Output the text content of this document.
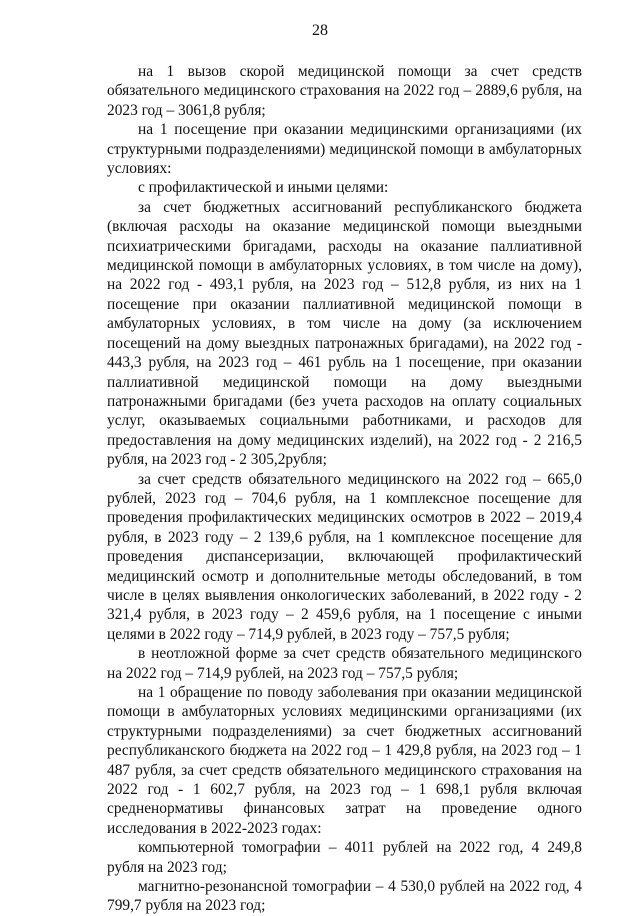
28

на 1 вызов скорой медицинской помощи за счет средств обязательного медицинского страхования на 2022 год – 2889,6 рубля, на 2023 год – 3061,8 рубля;

на 1 посещение при оказании медицинскими организациями (их структурными подразделениями) медицинской помощи в амбулаторных условиях:

с профилактической и иными целями:

за счет бюджетных ассигнований республиканского бюджета (включая расходы на оказание медицинской помощи выездными психиатрическими бригадами, расходы на оказание паллиативной медицинской помощи в амбулаторных условиях, в том числе на дому), на 2022 год - 493,1 рубля, на 2023 год – 512,8 рубля, из них на 1 посещение при оказании паллиативной медицинской помощи в амбулаторных условиях, в том числе на дому (за исключением посещений на дому выездных патронажных бригадами), на 2022 год - 443,3 рубля, на 2023 год – 461 рубль на 1 посещение, при оказании паллиативной медицинской помощи на дому выездными патронажными бригадами (без учета расходов на оплату социальных услуг, оказываемых социальными работниками, и расходов для предоставления на дому медицинских изделий), на 2022 год - 2 216,5 рубля, на 2023 год - 2 305,2рубля;

за счет средств обязательного медицинского на 2022 год – 665,0 рублей, 2023 год – 704,6 рубля, на 1 комплексное посещение для проведения профилактических медицинских осмотров в 2022 – 2019,4 рубля, в 2023 году – 2 139,6 рубля, на 1 комплексное посещение для проведения диспансеризации, включающей профилактический медицинский осмотр и дополнительные методы обследований, в том числе в целях выявления онкологических заболеваний, в 2022 году - 2 321,4 рубля, в 2023 году – 2 459,6 рубля, на 1 посещение с иными целями в 2022 году – 714,9 рублей, в 2023 году – 757,5 рубля;

в неотложной форме за счет средств обязательного медицинского на 2022 год – 714,9 рублей, на 2023 год – 757,5 рубля;

на 1 обращение по поводу заболевания при оказании медицинской помощи в амбулаторных условиях медицинскими организациями (их структурными подразделениями) за счет бюджетных ассигнований республиканского бюджета на 2022 год – 1 429,8 рубля, на 2023 год – 1 487 рубля, за счет средств обязательного медицинского страхования на 2022 год - 1 602,7 рубля, на 2023 год – 1 698,1 рубля включая средненормативы финансовых затрат на проведение одного исследования в 2022-2023 годах:

компьютерной томографии – 4011 рублей на 2022 год, 4 249,8 рубля на 2023 год;

магнитно-резонансной томографии – 4 530,0 рублей на 2022 год, 4 799,7 рубля на 2023 год;
